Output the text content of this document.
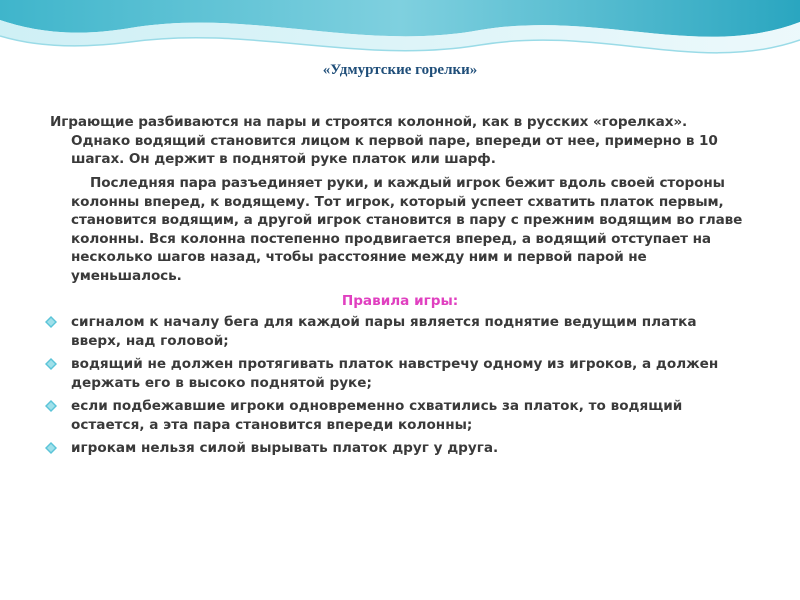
«Удмуртские горелки»
Играющие разбиваются на пары и строятся колонной, как в русских «горелках».
Однако водящий становится лицом к первой паре, впереди от нее, примерно в 10 шагах. Он держит в поднятой руке платок или шарф.
Последняя пара разъединяет руки, и каждый игрок бежит вдоль своей стороны колонны вперед, к водящему. Тот игрок, который успеет схватить платок первым, становится водящим, а другой игрок становится в пару с прежним водящим во главе колонны. Вся колонна постепенно продвигается вперед, а водящий отступает на несколько шагов назад, чтобы расстояние между ним и первой парой не уменьшалось.
Правила игры:
сигналом к началу бега для каждой пары является поднятие ведущим платка вверх, над головой;
водящий не должен протягивать платок навстречу одному из игроков, а должен держать его в высоко поднятой руке;
если подбежавшие игроки одновременно схватились за платок, то водящий остается, а эта пара становится впереди колонны;
игрокам нельзя силой вырывать платок друг у друга.
